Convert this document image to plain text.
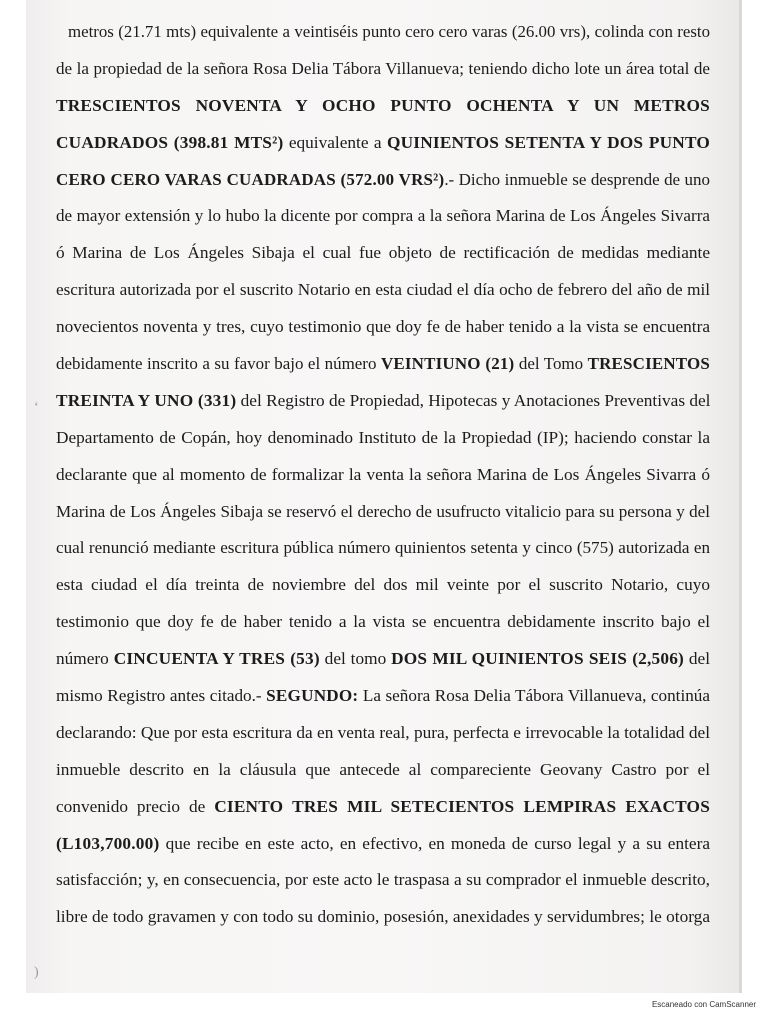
‘
)
metros (21.71 mts) equivalente a veintiséis punto cero cero varas (26.00 vrs), colinda con resto
de la propiedad de la señora Rosa Delia Tábora Villanueva; teniendo dicho lote un área total de
TRESCIENTOS NOVENTA Y OCHO PUNTO OCHENTA Y UN METROS
CUADRADOS (398.81 MTS²) equivalente a QUINIENTOS SETENTA Y DOS PUNTO
CERO CERO VARAS CUADRADAS (572.00 VRS²).- Dicho inmueble se desprende de uno
de mayor extensión y lo hubo la dicente por compra a la señora Marina de Los Ángeles Sivarra
ó Marina de Los Ángeles Sibaja el cual fue objeto de rectificación de medidas mediante
escritura autorizada por el suscrito Notario en esta ciudad el día ocho de febrero del año de mil
novecientos noventa y tres, cuyo testimonio que doy fe de haber tenido a la vista se encuentra
debidamente inscrito a su favor bajo el número VEINTIUNO (21) del Tomo TRESCIENTOS
TREINTA Y UNO (331) del Registro de Propiedad, Hipotecas y Anotaciones Preventivas del
Departamento de Copán, hoy denominado Instituto de la Propiedad (IP); haciendo constar la
declarante que al momento de formalizar la venta la señora Marina de Los Ángeles Sivarra ó
Marina de Los Ángeles Sibaja se reservó el derecho de usufructo vitalicio para su persona y del
cual renunció mediante escritura pública número quinientos setenta y cinco (575) autorizada en
esta ciudad el día treinta de noviembre del dos mil veinte por el suscrito Notario, cuyo
testimonio que doy fe de haber tenido a la vista se encuentra debidamente inscrito bajo el
número CINCUENTA Y TRES (53) del tomo DOS MIL QUINIENTOS SEIS (2,506) del
mismo Registro antes citado.- SEGUNDO: La señora Rosa Delia Tábora Villanueva, continúa
declarando: Que por esta escritura da en venta real, pura, perfecta e irrevocable la totalidad del
inmueble descrito en la cláusula que antecede al compareciente Geovany Castro por el
convenido precio de CIENTO TRES MIL SETECIENTOS LEMPIRAS EXACTOS
(L103,700.00) que recibe en este acto, en efectivo, en moneda de curso legal y a su entera
satisfacción; y, en consecuencia, por este acto le traspasa a su comprador el inmueble descrito,
libre de todo gravamen y con todo su dominio, posesión, anexidades y servidumbres; le otorga
Escaneado con CamScanner
